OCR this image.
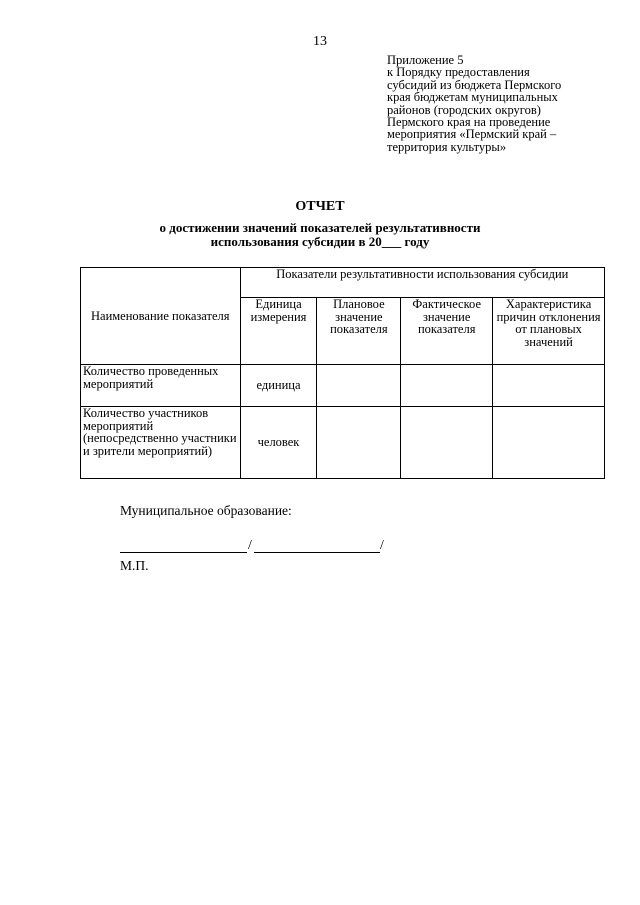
13
Приложение 5
к Порядку предоставления
субсидий из бюджета Пермского
края бюджетам муниципальных
районов (городских округов)
Пермского края на проведение
мероприятия «Пермский край –
территория культуры»
ОТЧЕТ
о достижении значений показателей результативности
использования субсидии в 20___ году
Наименование показателя	Показатели результативности использования субсидии			
	Единица измерения	Плановое значение показателя	Фактическое значение показателя	Характеристика причин отклонения от плановых значений
Количество проведенных мероприятий	единица			
Количество участников мероприятий (непосредственно участники и зрители мероприятий)	человек			
Муниципальное образование:
/	/
М.П.
